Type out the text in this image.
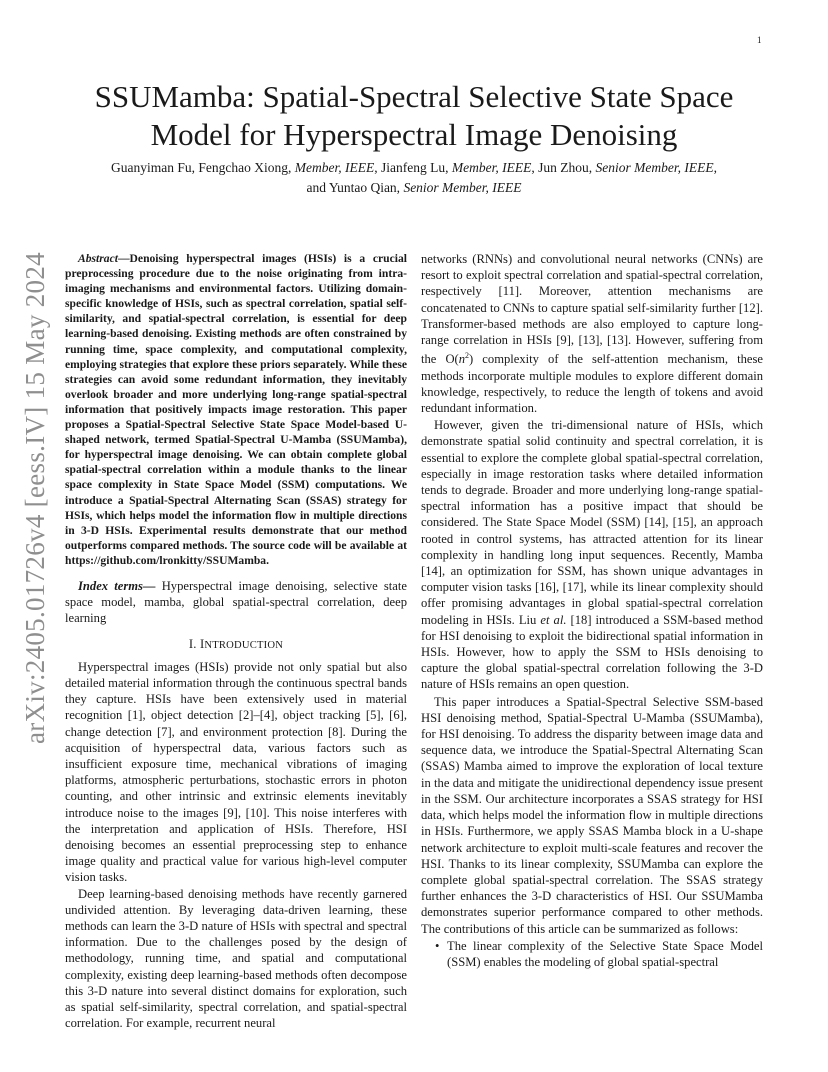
1
arXiv:2405.01726v4 [eess.IV] 15 May 2024
SSUMamba: Spatial-Spectral Selective State Space
Model for Hyperspectral Image Denoising
Guanyiman Fu, Fengchao Xiong, Member, IEEE, Jianfeng Lu, Member, IEEE, Jun Zhou, Senior Member, IEEE,
and Yuntao Qian, Senior Member, IEEE

Abstract—Denoising hyperspectral images (HSIs) is a crucial preprocessing procedure due to the noise originating from intra-imaging mechanisms and environmental factors. Utilizing domain-specific knowledge of HSIs, such as spectral correlation, spatial self-similarity, and spatial-spectral correlation, is essential for deep learning-based denoising. Existing methods are often constrained by running time, space complexity, and computational complexity, employing strategies that explore these priors separately. While these strategies can avoid some redundant information, they inevitably overlook broader and more underlying long-range spatial-spectral information that positively impacts image restoration. This paper proposes a Spatial-Spectral Selective State Space Model-based U-shaped network, termed Spatial-Spectral U-Mamba (SSUMamba), for hyperspectral image denoising. We can obtain complete global spatial-spectral correlation within a module thanks to the linear space complexity in State Space Model (SSM) computations. We introduce a Spatial-Spectral Alternating Scan (SSAS) strategy for HSIs, which helps model the information flow in multiple directions in 3-D HSIs. Experimental results demonstrate that our method outperforms compared methods. The source code will be available at https://github.com/lronkitty/SSUMamba.

Index terms— Hyperspectral image denoising, selective state space model, mamba, global spatial-spectral correlation, deep learning

I. INTRODUCTION

Hyperspectral images (HSIs) provide not only spatial but also detailed material information through the continuous spectral bands they capture. HSIs have been extensively used in material recognition [1], object detection [2]–[4], object tracking [5], [6], change detection [7], and environment protection [8]. During the acquisition of hyperspectral data, various factors such as insufficient exposure time, mechanical vibrations of imaging platforms, atmospheric perturbations, stochastic errors in photon counting, and other intrinsic and extrinsic elements inevitably introduce noise to the images [9], [10]. This noise interferes with the interpretation and application of HSIs. Therefore, HSI denoising becomes an essential preprocessing step to enhance image quality and practical value for various high-level computer vision tasks.

Deep learning-based denoising methods have recently garnered undivided attention. By leveraging data-driven learning, these methods can learn the 3-D nature of HSIs with spectral and spectral information. Due to the challenges posed by the design of methodology, running time, and spatial and computational complexity, existing deep learning-based methods often decompose this 3-D nature into several distinct domains for exploration, such as spatial self-similarity, spectral correlation, and spatial-spectral correlation. For example, recurrent neural

networks (RNNs) and convolutional neural networks (CNNs) are resort to exploit spectral correlation and spatial-spectral correlation, respectively [11]. Moreover, attention mechanisms are concatenated to CNNs to capture spatial self-similarity further [12]. Transformer-based methods are also employed to capture long-range correlation in HSIs [9], [13], [13]. However, suffering from the $O(n^2)$ complexity of the self-attention mechanism, these methods incorporate multiple modules to explore different domain knowledge, respectively, to reduce the length of tokens and avoid redundant information.

However, given the tri-dimensional nature of HSIs, which demonstrate spatial solid continuity and spectral correlation, it is essential to explore the complete global spatial-spectral correlation, especially in image restoration tasks where detailed information tends to degrade. Broader and more underlying long-range spatial-spectral information has a positive impact that should be considered. The State Space Model (SSM) [14], [15], an approach rooted in control systems, has attracted attention for its linear complexity in handling long input sequences. Recently, Mamba [14], an optimization for SSM, has shown unique advantages in computer vision tasks [16], [17], while its linear complexity should offer promising advantages in global spatial-spectral correlation modeling in HSIs. Liu et al. [18] introduced a SSM-based method for HSI denoising to exploit the bidirectional spatial information in HSIs. However, how to apply the SSM to HSIs denoising to capture the global spatial-spectral correlation following the 3-D nature of HSIs remains an open question.

This paper introduces a Spatial-Spectral Selective SSM-based HSI denoising method, Spatial-Spectral U-Mamba (SSUMamba), for HSI denoising. To address the disparity between image data and sequence data, we introduce the Spatial-Spectral Alternating Scan (SSAS) Mamba aimed to improve the exploration of local texture in the data and mitigate the unidirectional dependency issue present in the SSM. Our architecture incorporates a SSAS strategy for HSI data, which helps model the information flow in multiple directions in HSIs. Furthermore, we apply SSAS Mamba block in a U-shape network architecture to exploit multi-scale features and recover the HSI. Thanks to its linear complexity, SSUMamba can explore the complete global spatial-spectral correlation. The SSAS strategy further enhances the 3-D characteristics of HSI. Our SSUMamba demonstrates superior performance compared to other methods. The contributions of this article can be summarized as follows:

• The linear complexity of the Selective State Space Model (SSM) enables the modeling of global spatial-spectral
